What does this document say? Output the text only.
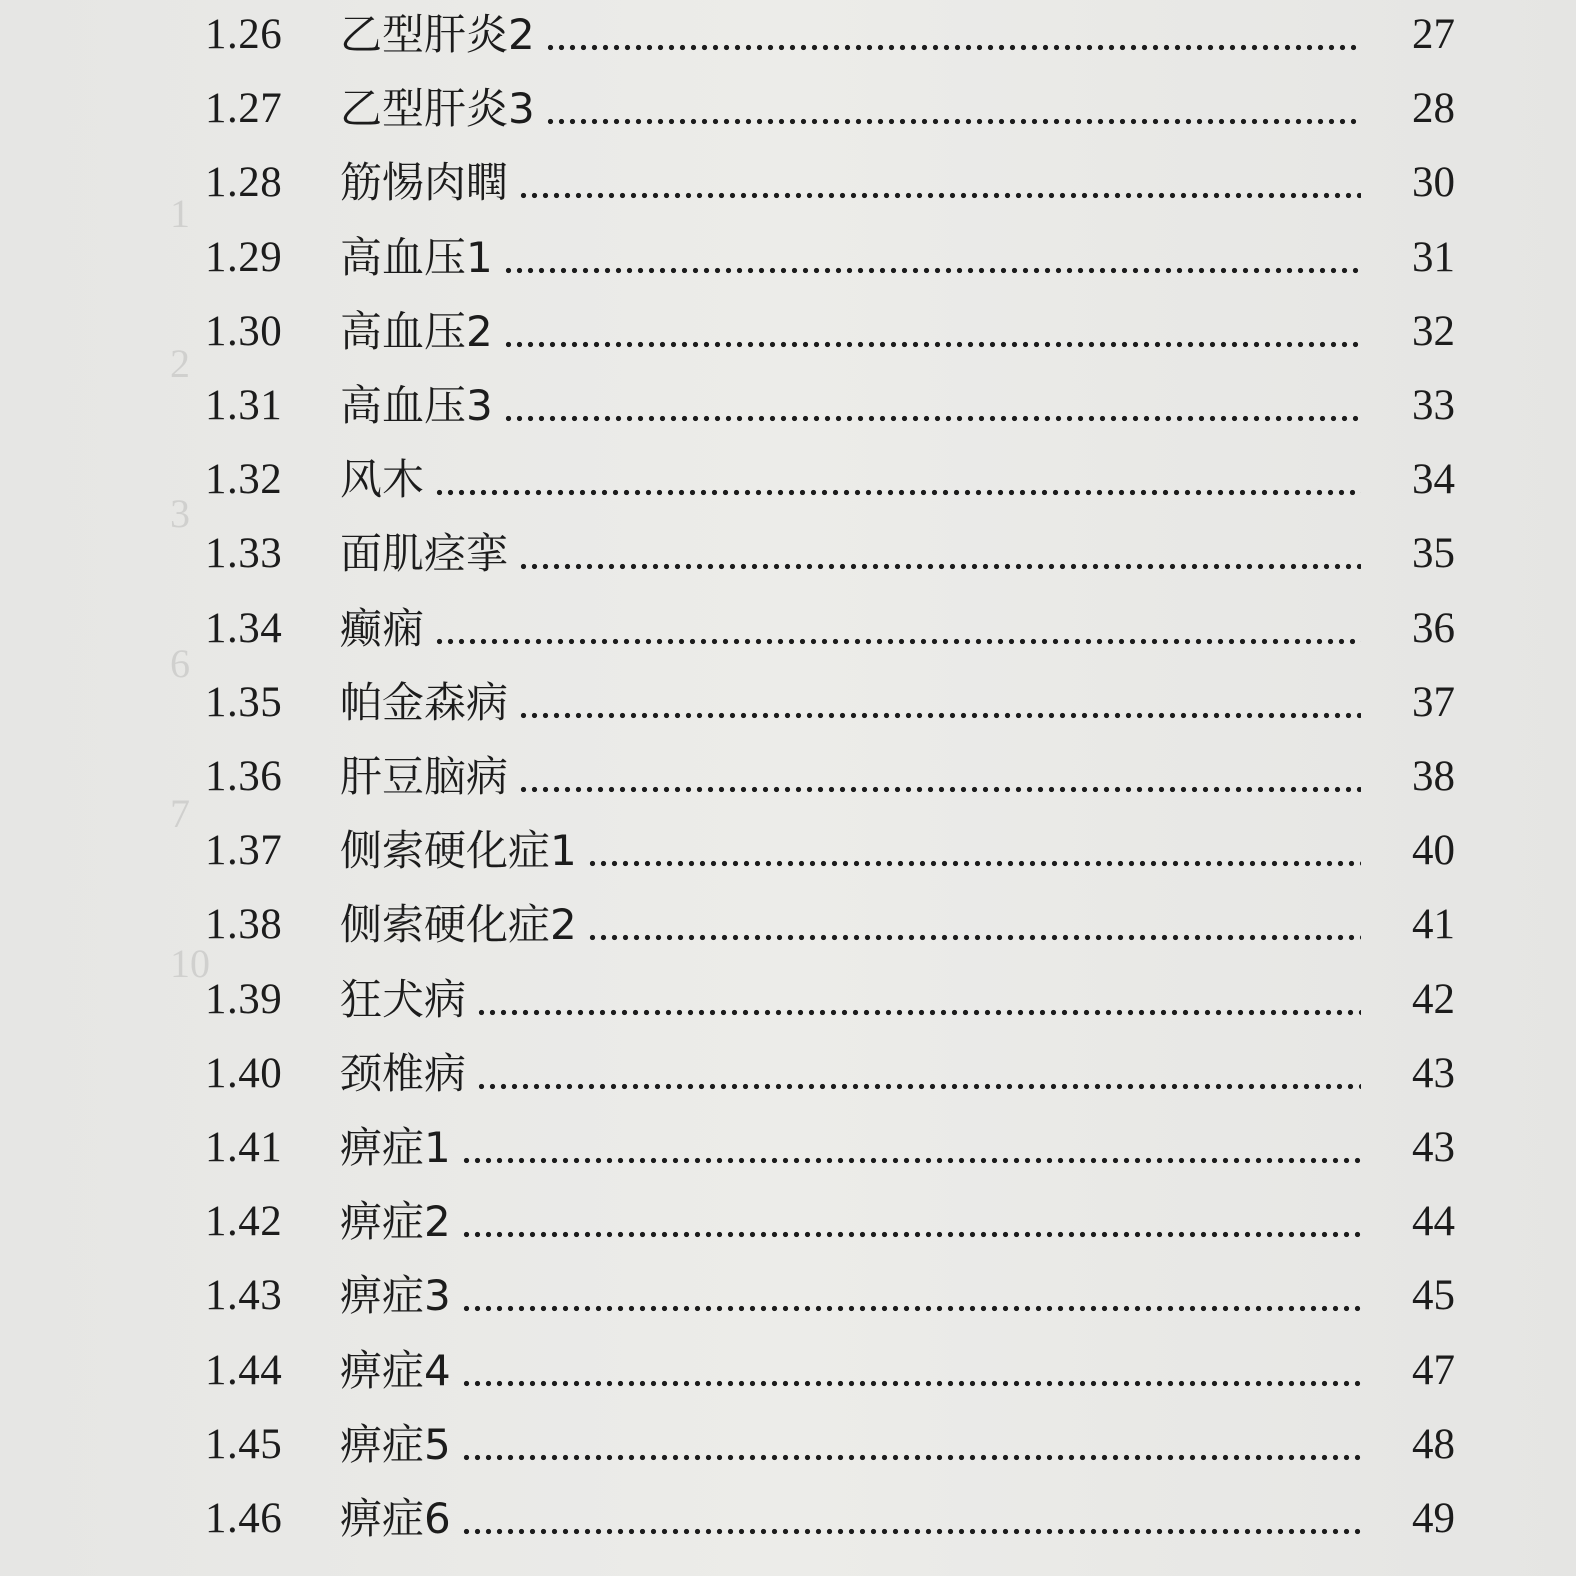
1
2
3
6
7
10
1.26	乙型肝炎2	27
1.27	乙型肝炎3	28
1.28	筋惕肉瞤	30
1.29	高血压1	31
1.30	高血压2	32
1.31	高血压3	33
1.32	风木	34
1.33	面肌痉挛	35
1.34	癫痫	36
1.35	帕金森病	37
1.36	肝豆脑病	38
1.37	侧索硬化症1	40
1.38	侧索硬化症2	41
1.39	狂犬病	42
1.40	颈椎病	43
1.41	痹症1	43
1.42	痹症2	44
1.43	痹症3	45
1.44	痹症4	47
1.45	痹症5	48
1.46	痹症6	49
